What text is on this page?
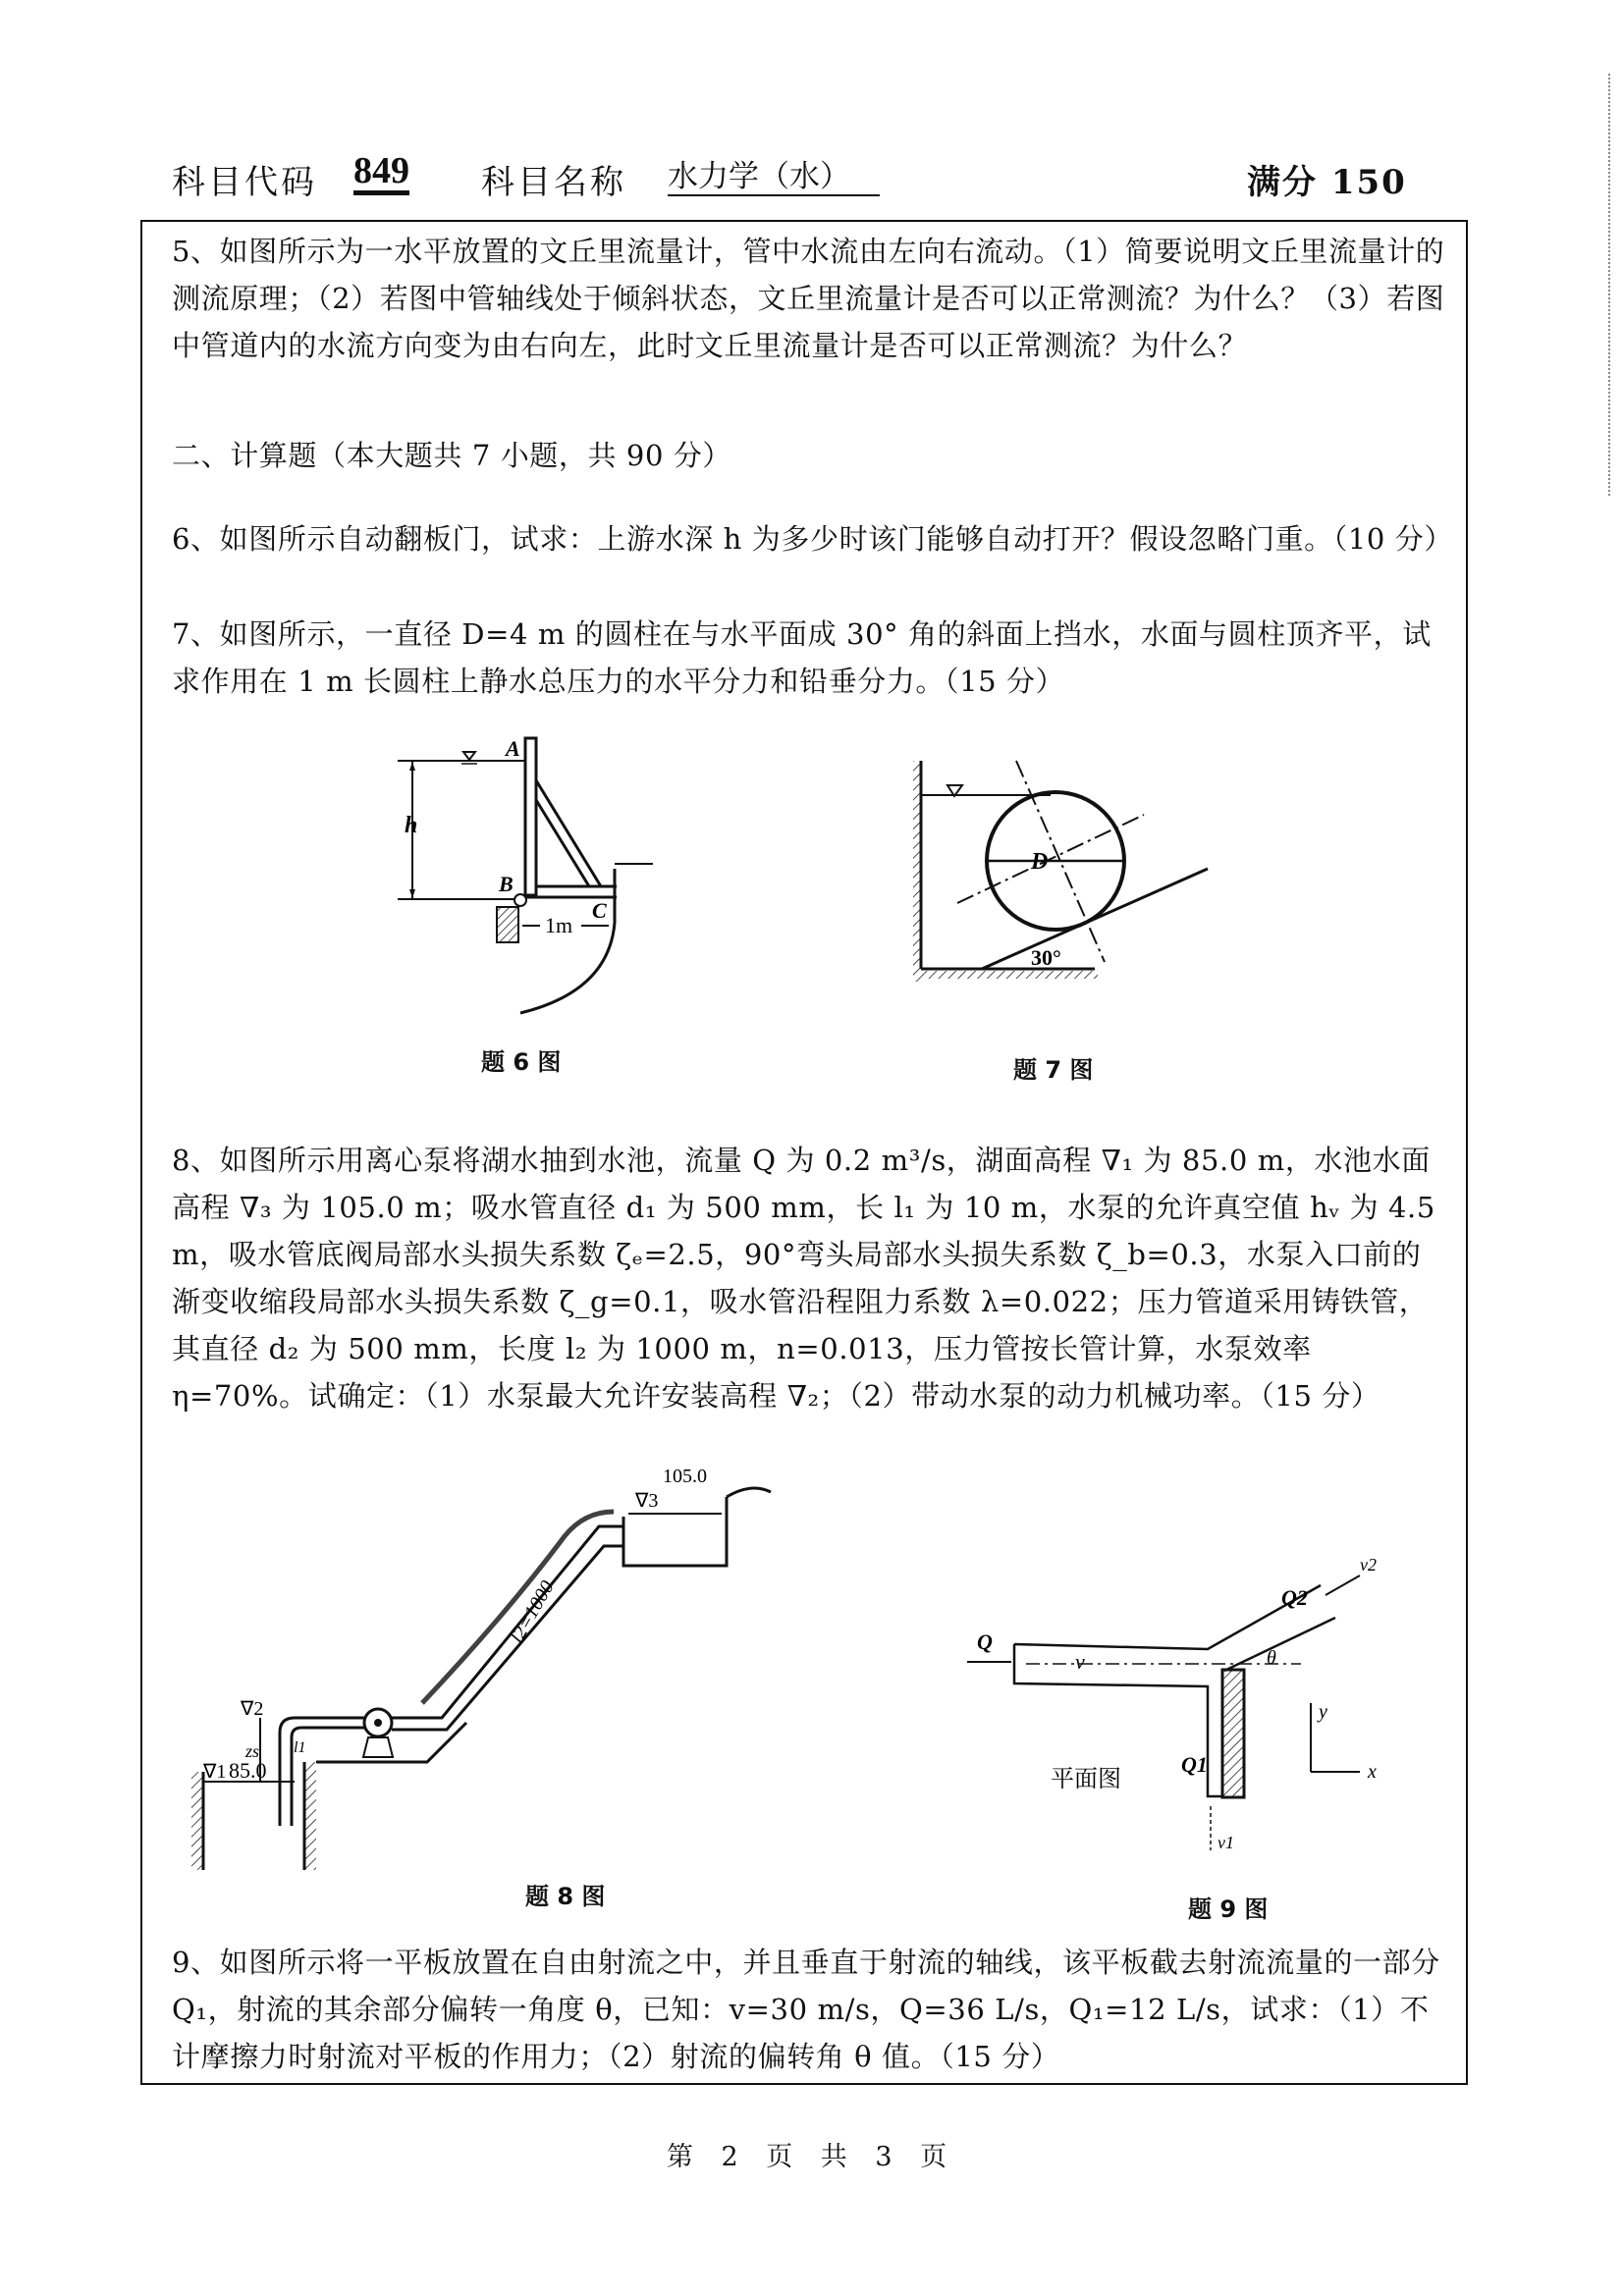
科目代码 849 科目名称 水力学（水）	满分 150
5、如图所示为一水平放置的文丘里流量计，管中水流由左向右流动。（1）简要说明文丘里流量计的测流原理；（2）若图中管轴线处于倾斜状态，文丘里流量计是否可以正常测流？为什么？（3）若图中管道内的水流方向变为由右向左，此时文丘里流量计是否可以正常测流？为什么？
二、计算题（本大题共 7 小题，共 90 分）
6、如图所示自动翻板门，试求：上游水深 h 为多少时该门能够自动打开？假设忽略门重。（10 分）
7、如图所示，一直径 D=4 m 的圆柱在与水平面成 30° 角的斜面上挡水，水面与圆柱顶齐平，试求作用在 1 m 长圆柱上静水总压力的水平分力和铅垂分力。（15 分）
h
A
B
1m
C
题 6 图
D
30°
题 7 图
8、如图所示用离心泵将湖水抽到水池，流量 Q 为 0.2 m³/s，湖面高程 ∇₁ 为 85.0 m，水池水面高程 ∇₃ 为 105.0 m；吸水管直径 d₁ 为 500 mm，长 l₁ 为 10 m，水泵的允许真空值 hᵥ 为 4.5 m，吸水管底阀局部水头损失系数 ζₑ=2.5，90°弯头局部水头损失系数 ζ_b=0.3，水泵入口前的渐变收缩段局部水头损失系数 ζ_g=0.1，吸水管沿程阻力系数 λ=0.022；压力管道采用铸铁管，其直径 d₂ 为 500 mm，长度 l₂ 为 1000 m，n=0.013，压力管按长管计算，水泵效率 η=70%。试确定：（1）水泵最大允许安装高程 ∇₂；（2）带动水泵的动力机械功率。（15 分）
85.0
∇1
∇2
zs l1
l2=1000
105.0
∇3
题 8 图
Q
v	θ
Q2
v2
Q1
v1
y
x
平面图
题 9 图
9、如图所示将一平板放置在自由射流之中，并且垂直于射流的轴线，该平板截去射流流量的一部分 Q₁，射流的其余部分偏转一角度 θ，已知：v=30 m/s，Q=36 L/s，Q₁=12 L/s，试求：（1）不计摩擦力时射流对平板的作用力；（2）射流的偏转角 θ 值。（15 分）
第 2 页 共 3 页
